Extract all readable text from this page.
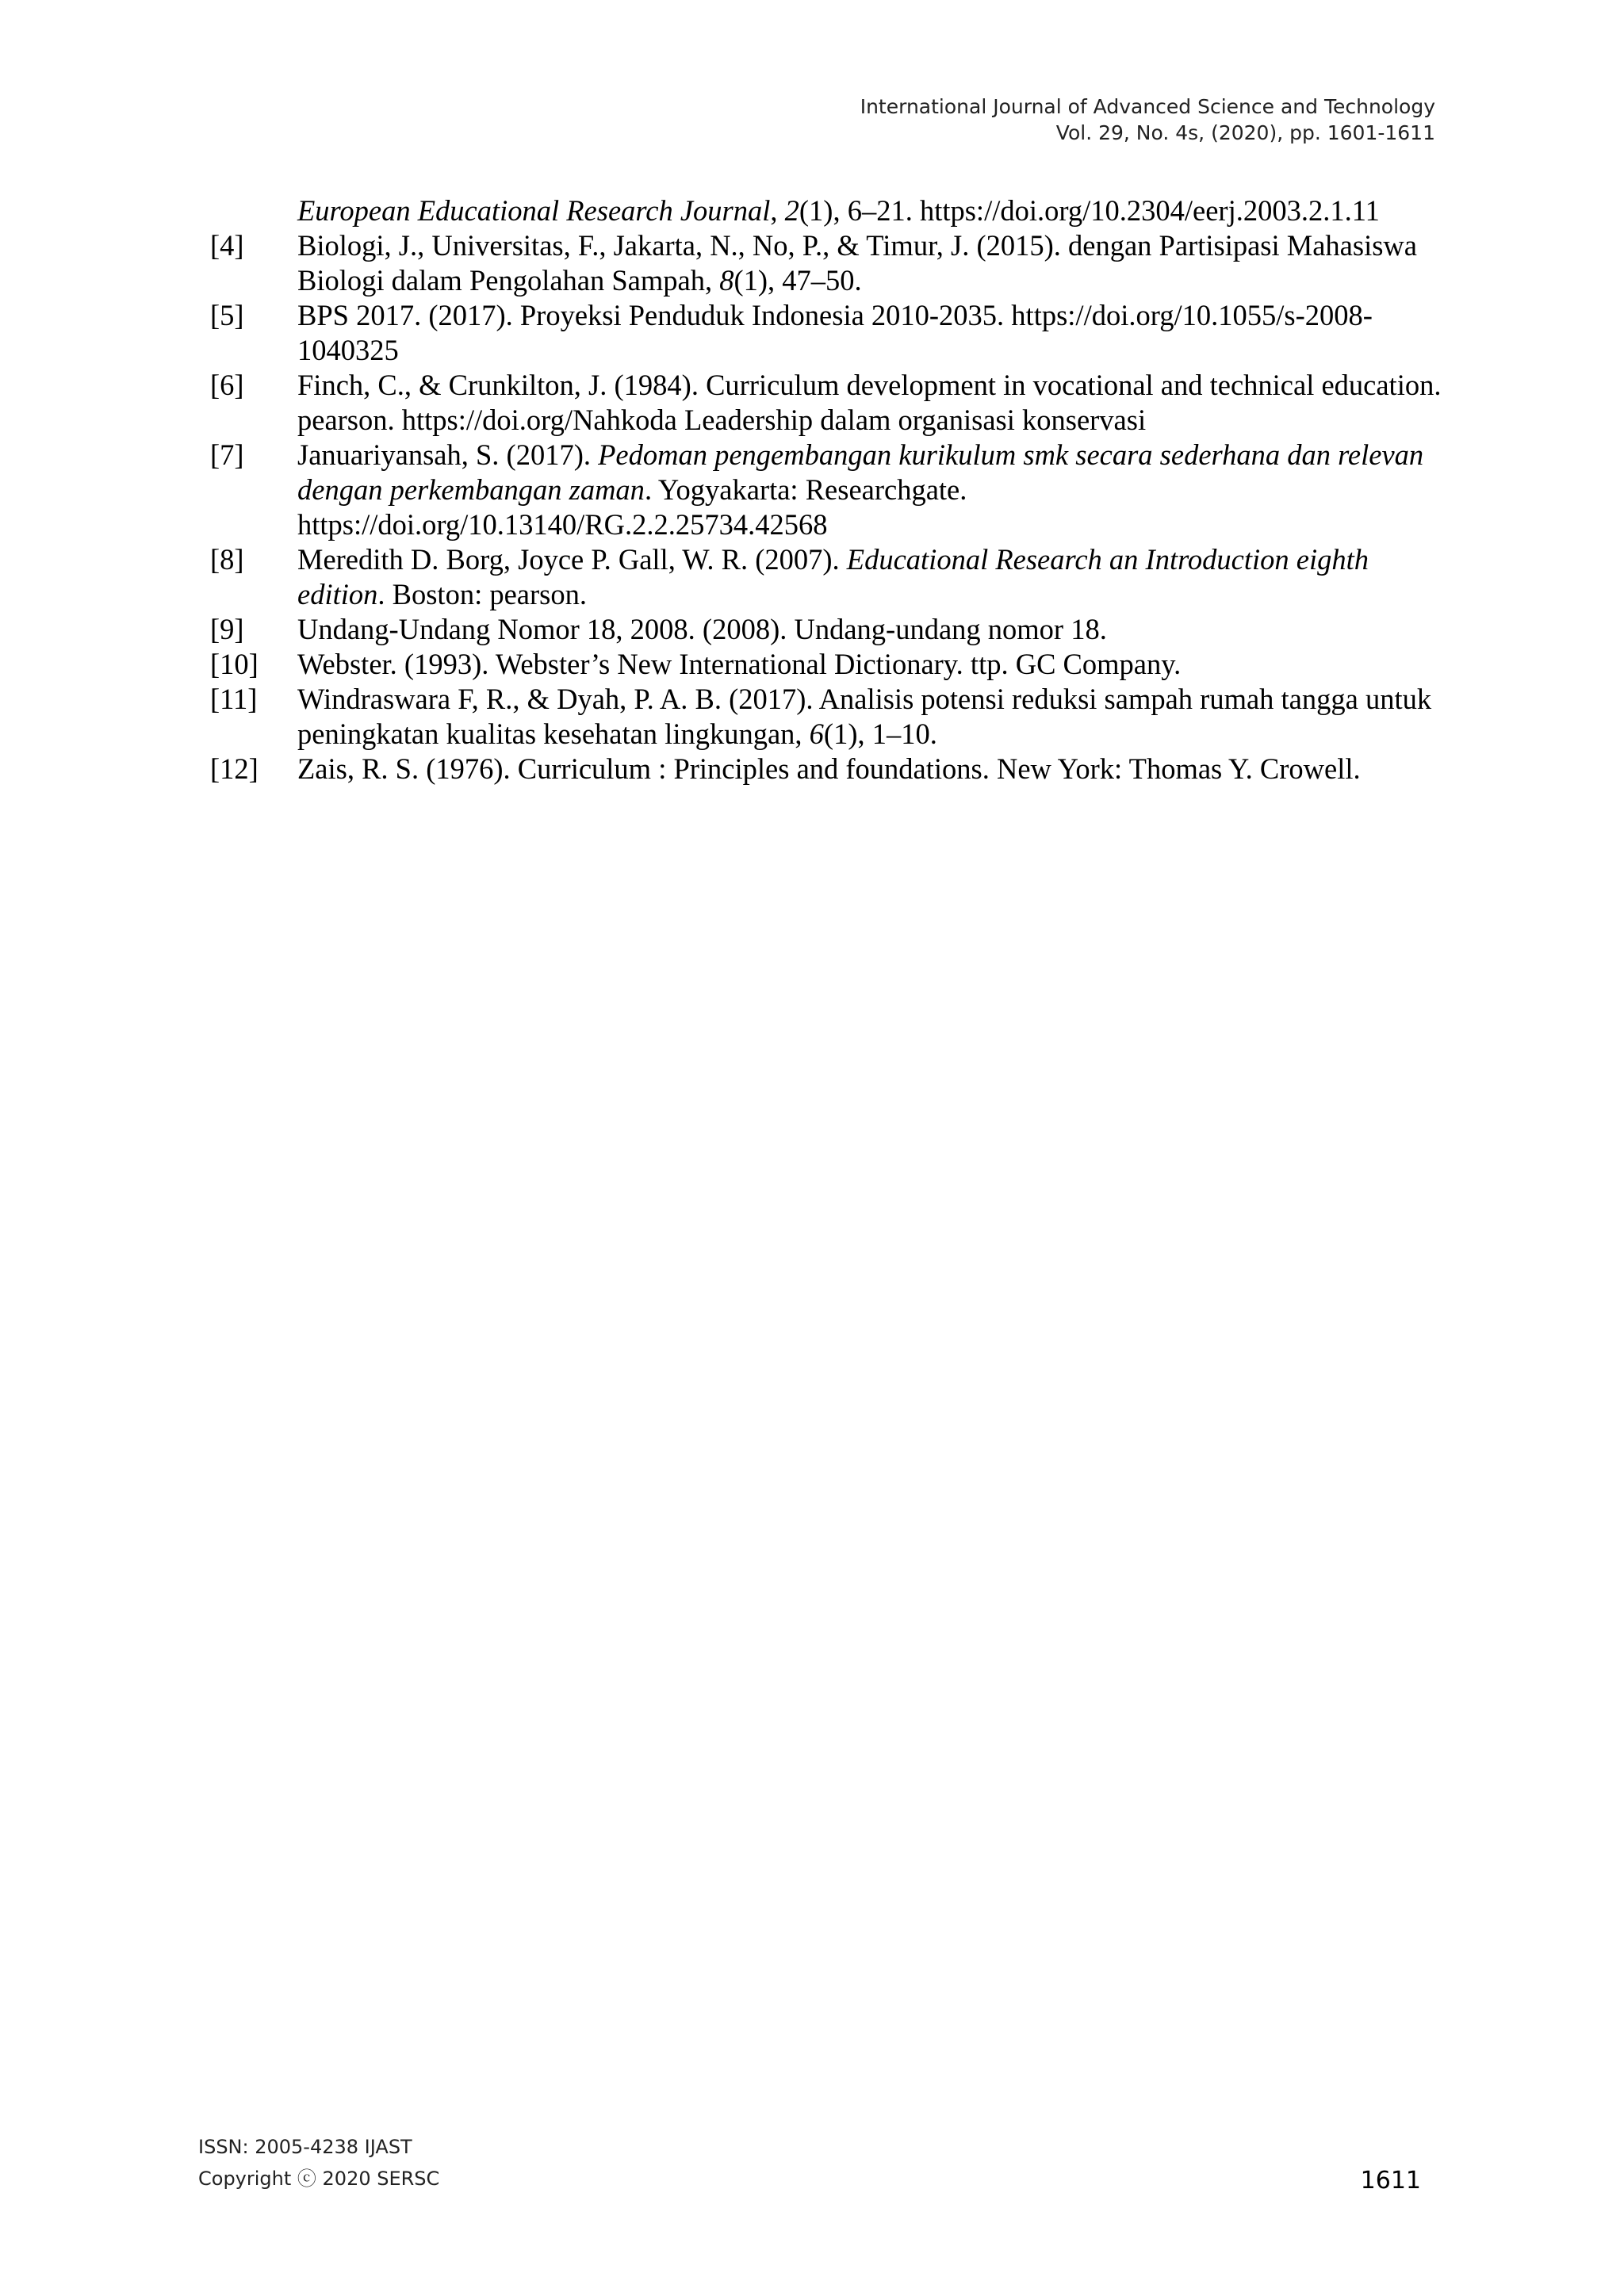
International Journal of Advanced Science and Technology
Vol. 29, No. 4s, (2020), pp. 1601-1611
European Educational Research Journal, 2(1), 6–21. https://doi.org/10.2304/eerj.2003.2.1.11
[4]	Biologi, J., Universitas, F., Jakarta, N., No, P., & Timur, J. (2015). dengan Partisipasi Mahasiswa Biologi dalam Pengolahan Sampah, 8(1), 47–50.
[5]	BPS 2017. (2017). Proyeksi Penduduk Indonesia 2010-2035. https://doi.org/10.1055/s-2008-1040325
[6]	Finch, C., & Crunkilton, J. (1984). Curriculum development in vocational and technical education. pearson. https://doi.org/Nahkoda Leadership dalam organisasi konservasi
[7]	Januariyansah, S. (2017). Pedoman pengembangan kurikulum smk secara sederhana dan relevan dengan perkembangan zaman. Yogyakarta: Researchgate. https://doi.org/10.13140/RG.2.2.25734.42568
[8]	Meredith D. Borg, Joyce P. Gall, W. R. (2007). Educational Research an Introduction eighth edition. Boston: pearson.
[9]	Undang-Undang Nomor 18, 2008. (2008). Undang-undang nomor 18.
[10]	Webster. (1993). Webster’s New International Dictionary. ttp. GC Company.
[11]	Windraswara F, R., & Dyah, P. A. B. (2017). Analisis potensi reduksi sampah rumah tangga untuk peningkatan kualitas kesehatan lingkungan, 6(1), 1–10.
[12]	Zais, R. S. (1976). Curriculum : Principles and foundations. New York: Thomas Y. Crowell.
ISSN: 2005-4238 IJAST
Copyright ⓒ 2020 SERSC	1611
